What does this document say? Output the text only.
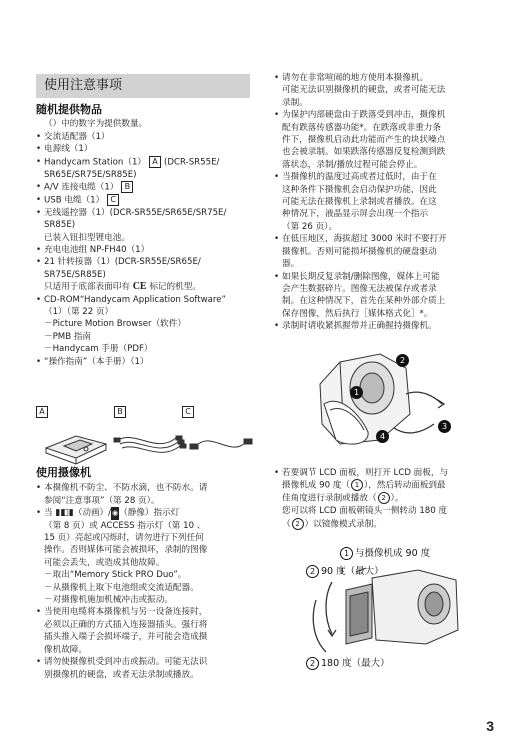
使用注意事项
随机提供物品
（）中的数字为提供数量。
• 交流适配器（1）
• 电源线（1）
• Handycam Station（1） A (DCR-SR55E/
SR65E/SR75E/SR85E)
• A/V 连接电缆（1） B
• USB 电缆（1） C
• 无线遥控器（1）(DCR-SR55E/SR65E/SR75E/
SR85E)
已装入钮扣型锂电池。
• 充电电池组 NP-FH40（1）
• 21 针转接器（1）(DCR-SR55E/SR65E/
SR75E/SR85E)
只适用于底部表面印有 CE 标记的机型。
• CD-ROM“Handycam Application Software”
（1）（第 22 页）
－Picture Motion Browser（软件）
－PMB 指南
－Handycam 手册（PDF）
• “操作指南”（本手册）（1）
A	B	C
使用摄像机
• 本摄像机不防尘、不防水滴，也不防水。请
参阅“注意事项”（第 28 页）。
• 当 ▮◧▮（动画）/◉（静像）指示灯
（第 8 页）或 ACCESS 指示灯（第 10 、
15 页）亮起或闪烁时，请勿进行下列任何
操作。否则媒体可能会被损坏，录制的图像
可能会丢失，或造成其他故障。
－取出“Memory Stick PRO Duo”。
－从摄像机上取下电池组或交流适配器。
－对摄像机施加机械冲击或振动。
• 当使用电缆将本摄像机与另一设备连接时，
必须以正确的方式插入连接器插头。强行将
插头推入端子会损坏端子，并可能会造成摄
像机故障。
• 请勿使摄像机受到冲击或振动。可能无法识
别摄像机的硬盘，或者无法录制或播放。
• 请勿在非常喧闹的地方使用本摄像机。
可能无法识别摄像机的硬盘，或者可能无法
录制。
• 为保护内部硬盘由于跌落受到冲击，摄像机
配有跌落传感器功能*。在跌落或非重力条
件下，摄像机启动此功能而产生的块状噪点
也会被录制。如果跌落传感器反复检测到跌
落状态，录制/播放过程可能会停止。
• 当摄像机的温度过高或者过低时，由于在
这种条件下摄像机会启动保护功能，因此
可能无法在摄像机上录制或者播放。在这
种情况下，液晶显示屏会出现一个指示
（第 26 页）。
• 在低压地区，海拔超过 3000 米时不要打开
摄像机。否则可能损坏摄像机的硬盘驱动
器。
• 如果长期反复录制/删除图像，媒体上可能
会产生数据碎片。图像无法被保存或者录
制。在这种情况下，首先在某种外部介质上
保存图像，然后执行［媒体格式化］*。
• 录制时请收紧抓握带并正确握持摄像机。
1
2
3
4
• 若要调节 LCD 面板，则打开 LCD 面板，与
摄像机成 90 度（ 1 ），然后转动面板到最
佳角度进行录制或播放（ 2 ）。
您可以将 LCD 面板朝镜头一侧转动 180 度
（ 2 ）以镜像模式录制。
1 与摄像机成 90 度
2 90 度（最大）
2 180 度（最大）
3
